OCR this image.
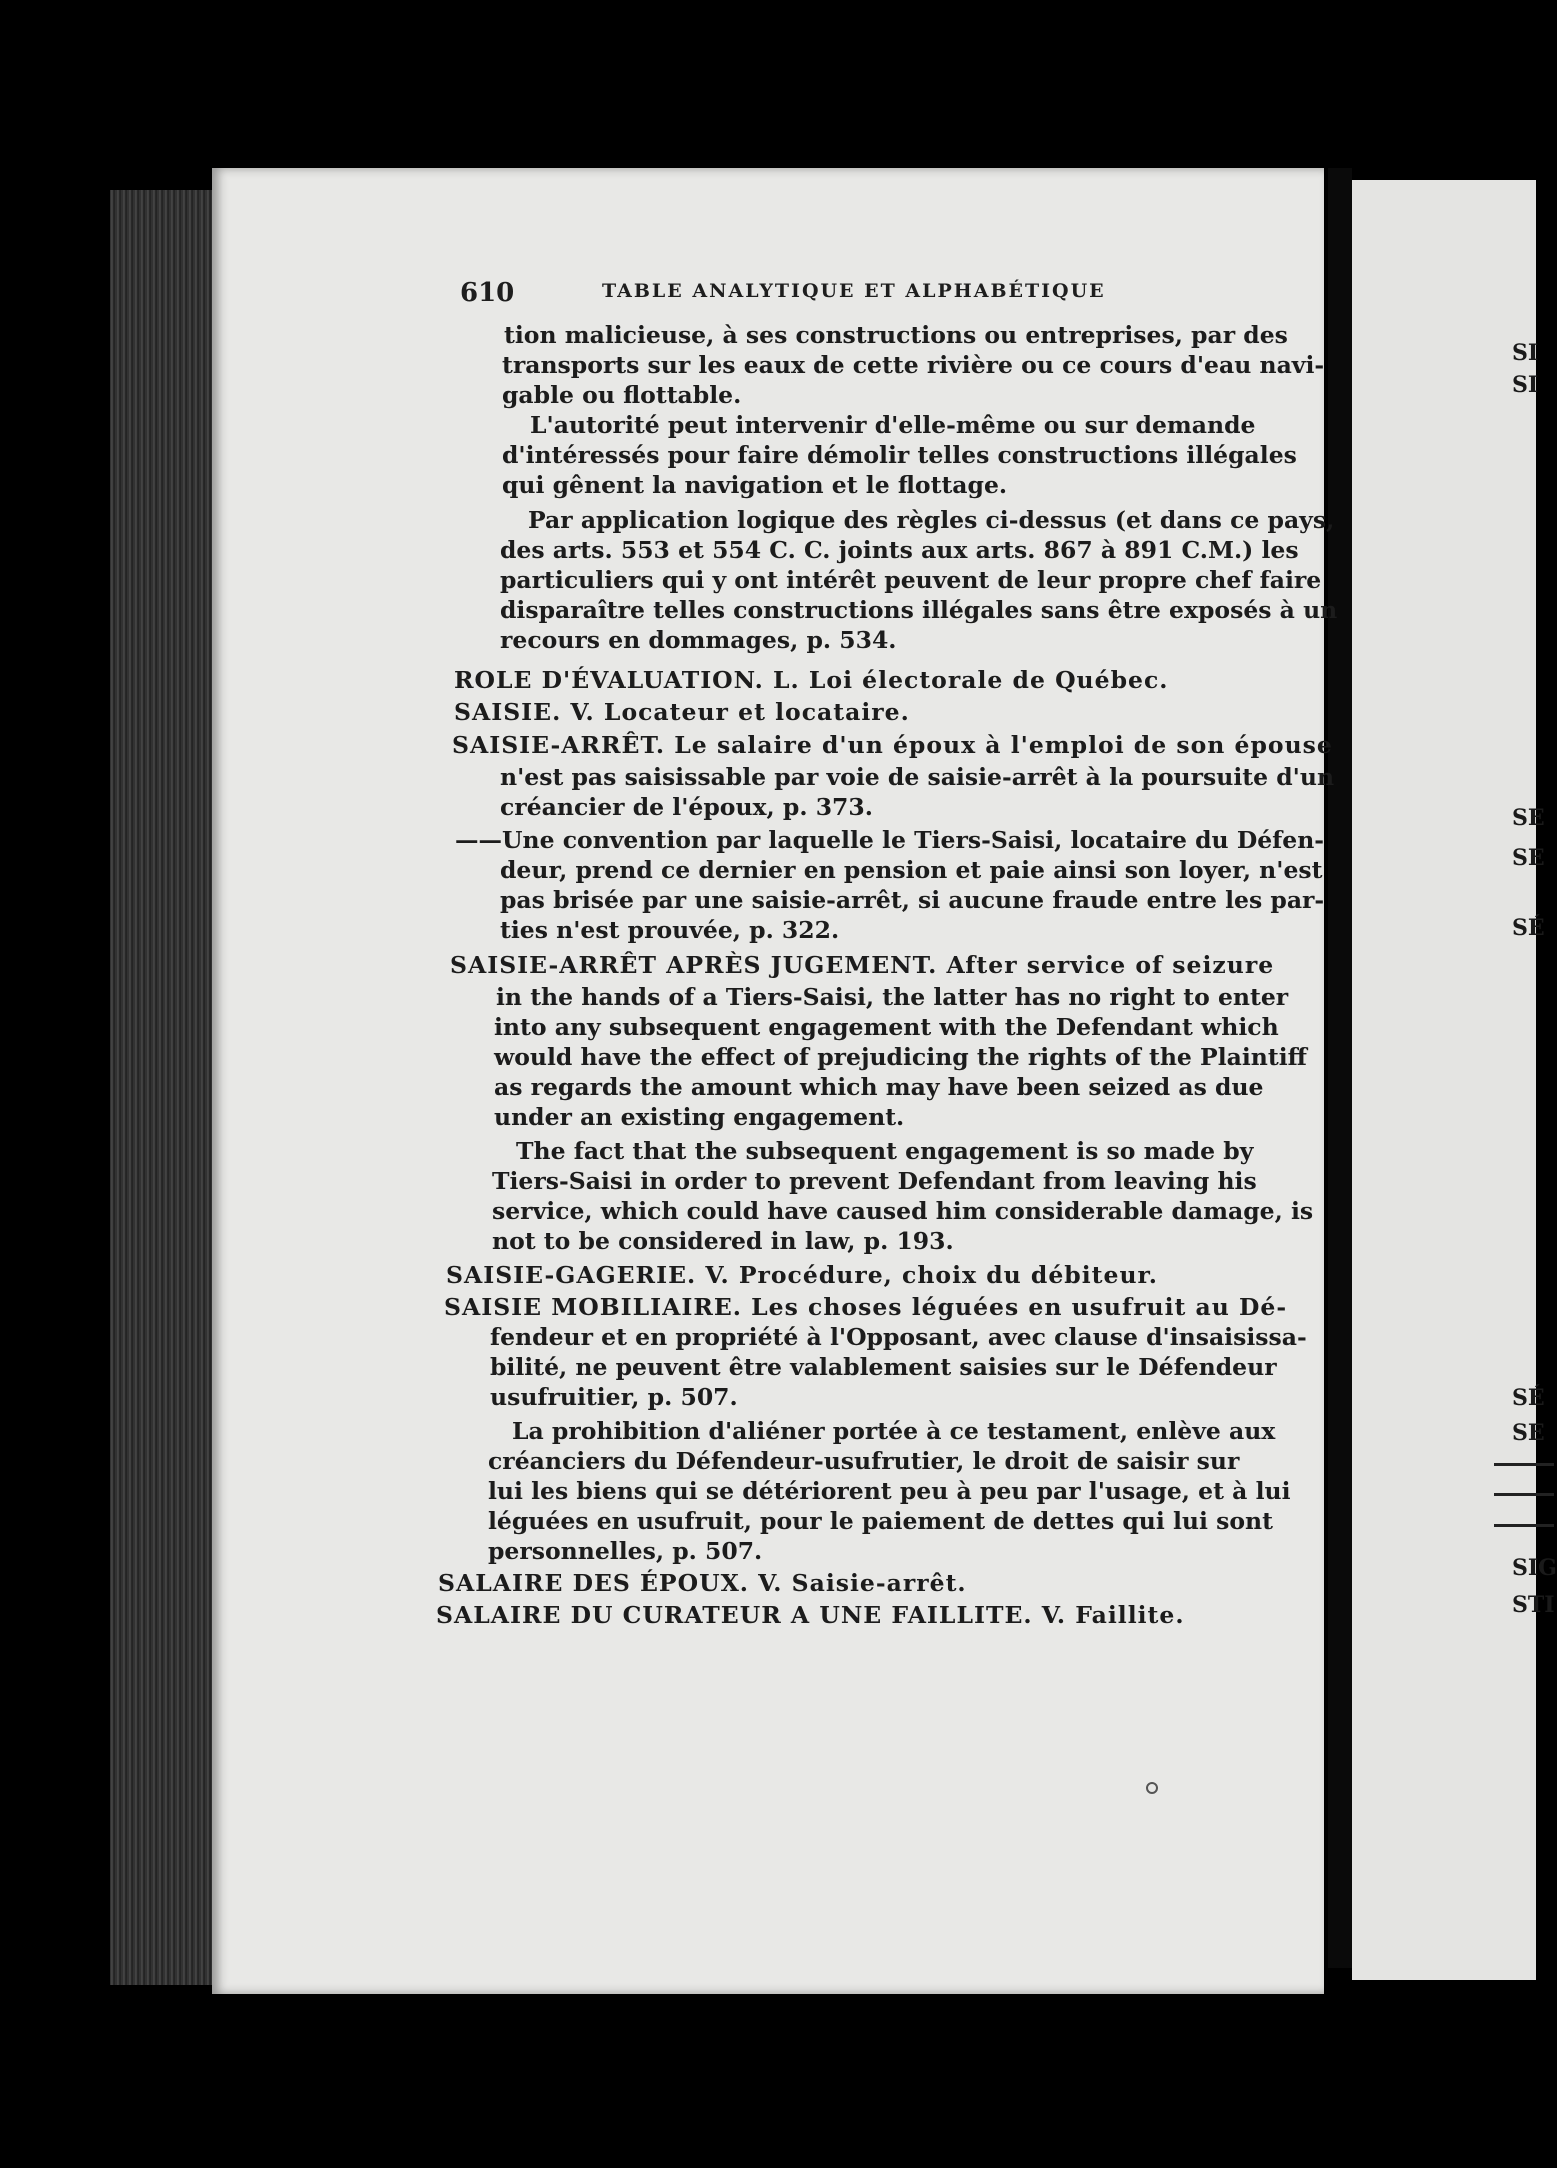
SI
SI
SE
SE
SÉ
SÉ
SE
SIG
STI
610	TABLE ANALYTIQUE ET ALPHABÉTIQUE
tion malicieuse, à ses constructions ou entreprises, par des
transports sur les eaux de cette rivière ou ce cours d'eau navi-
gable ou flottable.
L'autorité peut intervenir d'elle-même ou sur demande
d'intéressés pour faire démolir telles constructions illégales
qui gênent la navigation et le flottage.
Par application logique des règles ci-dessus (et dans ce pays,
des arts. 553 et 554 C. C. joints aux arts. 867 à 891 C.M.) les
particuliers qui y ont intérêt peuvent de leur propre chef faire
disparaître telles constructions illégales sans être exposés à un
recours en dommages, p. 534.
ROLE D'ÉVALUATION. L. Loi électorale de Québec.
SAISIE. V. Locateur et locataire.
SAISIE-ARRÊT. Le salaire d'un époux à l'emploi de son épouse
n'est pas saisissable par voie de saisie-arrêt à la poursuite d'un
créancier de l'époux, p. 373.
——Une convention par laquelle le Tiers-Saisi, locataire du Défen-
deur, prend ce dernier en pension et paie ainsi son loyer, n'est
pas brisée par une saisie-arrêt, si aucune fraude entre les par-
ties n'est prouvée, p. 322.
SAISIE-ARRÊT APRÈS JUGEMENT. After service of seizure
in the hands of a Tiers-Saisi, the latter has no right to enter
into any subsequent engagement with the Defendant which
would have the effect of prejudicing the rights of the Plaintiff
as regards the amount which may have been seized as due
under an existing engagement.
The fact that the subsequent engagement is so made by
Tiers-Saisi in order to prevent Defendant from leaving his
service, which could have caused him considerable damage, is
not to be considered in law, p. 193.
SAISIE-GAGERIE. V. Procédure, choix du débiteur.
SAISIE MOBILIAIRE. Les choses léguées en usufruit au Dé-
fendeur et en propriété à l'Opposant, avec clause d'insaisissa-
bilité, ne peuvent être valablement saisies sur le Défendeur
usufruitier, p. 507.
La prohibition d'aliéner portée à ce testament, enlève aux
créanciers du Défendeur-usufrutier, le droit de saisir sur
lui les biens qui se détériorent peu à peu par l'usage, et à lui
léguées en usufruit, pour le paiement de dettes qui lui sont
personnelles, p. 507.
SALAIRE DES ÉPOUX. V. Saisie-arrêt.
SALAIRE DU CURATEUR A UNE FAILLITE. V. Faillite.
